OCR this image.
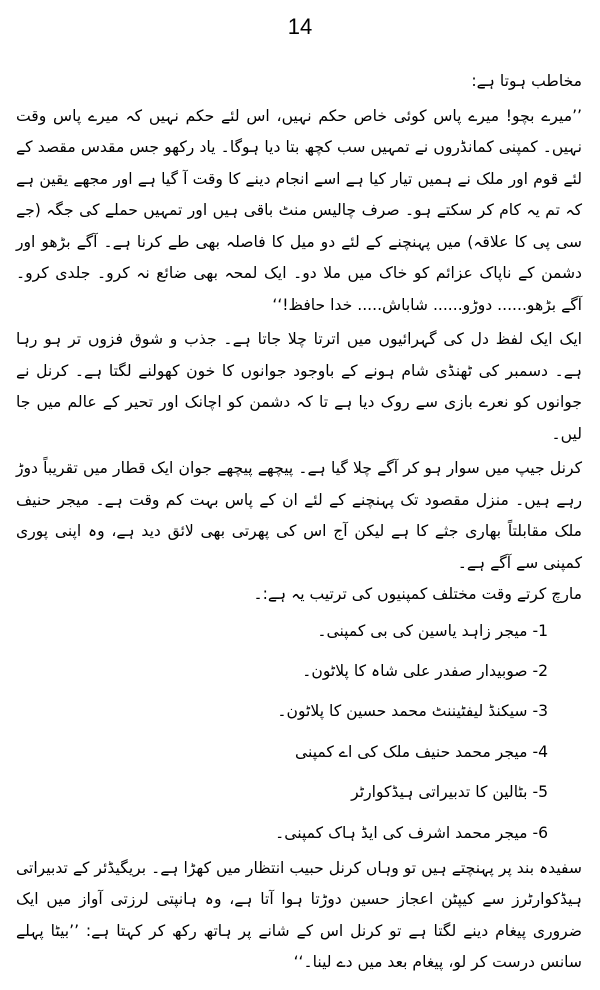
14

مخاطب ہوتا ہے:

’’میرے بچو! میرے پاس کوئی خاص حکم نہیں، اس لئے حکم نہیں کہ میرے پاس وقت نہیں۔ کمپنی کمانڈروں نے تمہیں سب کچھ بتا دیا ہوگا۔ یاد رکھو جس مقدس مقصد کے لئے قوم اور ملک نے ہمیں تیار کیا ہے اسے انجام دینے کا وقت آ گیا ہے اور مجھے یقین ہے کہ تم یہ کام کر سکتے ہو۔ صرف چالیس منٹ باقی ہیں اور تمہیں حملے کی جگہ (جے سی پی کا علاقہ) میں پہنچنے کے لئے دو میل کا فاصلہ بھی طے کرنا ہے۔ آگے بڑھو اور دشمن کے ناپاک عزائم کو خاک میں ملا دو۔ ایک لمحہ بھی ضائع نہ کرو۔ جلدی کرو۔ آگے بڑھو...... دوڑو...... شاباش..... خدا حافظ!‘‘

ایک ایک لفظ دل کی گہرائیوں میں اترتا چلا جاتا ہے۔ جذب و شوق فزوں تر ہو رہا ہے۔ دسمبر کی ٹھنڈی شام ہونے کے باوجود جوانوں کا خون کھولنے لگتا ہے۔ کرنل نے جوانوں کو نعرے بازی سے روک دیا ہے تا کہ دشمن کو اچانک اور تحیر کے عالم میں جا لیں۔

کرنل جیپ میں سوار ہو کر آگے چلا گیا ہے۔ پیچھے پیچھے جوان ایک قطار میں تقریباً دوڑ رہے ہیں۔ منزل مقصود تک پہنچنے کے لئے ان کے پاس بہت کم وقت ہے۔ میجر حنیف ملک مقابلتاً بھاری جثے کا ہے لیکن آج اس کی پھرتی بھی لائق دید ہے، وہ اپنی پوری کمپنی سے آگے ہے۔

مارچ کرتے وقت مختلف کمپنیوں کی ترتیب یہ ہے:۔

1- میجر زاہد یاسین کی بی کمپنی۔
2- صوبیدار صفدر علی شاہ کا پلاٹون۔
3- سیکنڈ لیفٹیننٹ محمد حسین کا پلاٹون۔
4- میجر محمد حنیف ملک کی اے کمپنی
5- بٹالین کا تدبیراتی ہیڈکوارٹر
6- میجر محمد اشرف کی ایڈ ہاک کمپنی۔

سفیدہ بند پر پہنچتے ہیں تو وہاں کرنل حبیب انتظار میں کھڑا ہے۔ بریگیڈئر کے تدبیراتی ہیڈکوارٹرز سے کیپٹن اعجاز حسین دوڑتا ہوا آتا ہے، وہ ہانپتی لرزتی آواز میں ایک ضروری پیغام دینے لگتا ہے تو کرنل اس کے شانے پر ہاتھ رکھ کر کہتا ہے: ’’بیٹا پہلے سانس درست کر لو، پیغام بعد میں دے لینا۔‘‘
